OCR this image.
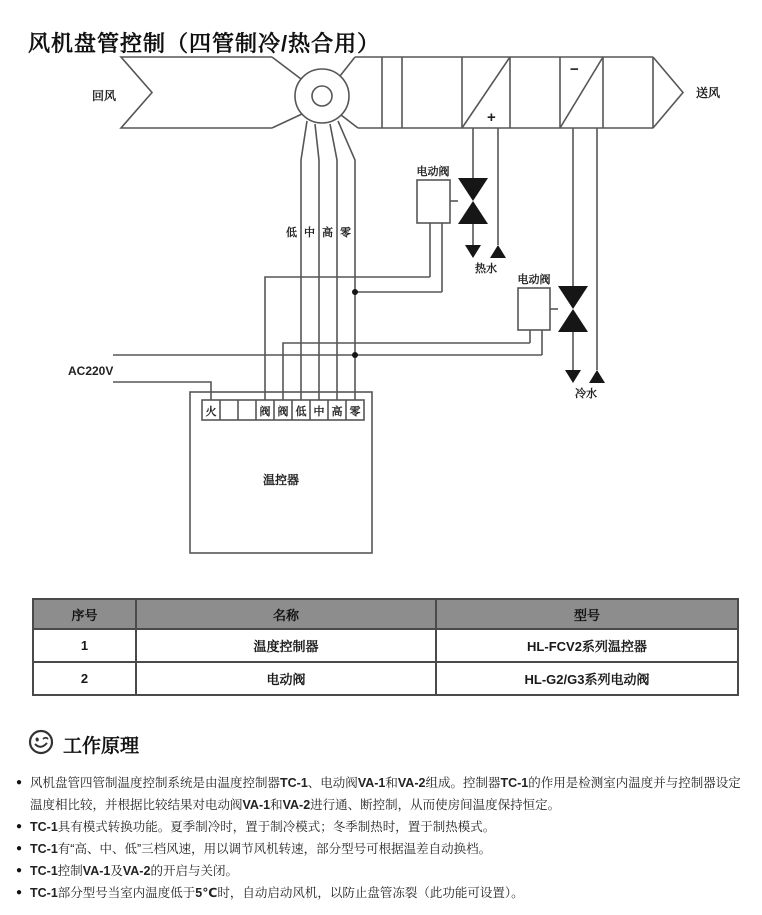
风机盘管控制（四管制冷/热合用）
回风	送风
+
−
电动阀
电动阀
热水
冷水
AC220V
温控器
低 中 高 零
火	阀 阀 低 中 高 零
序号	名称	型号
1	温度控制器	HL-FCV2系列温控器
2	电动阀	HL-G2/G3系列电动阀
工作原理
● 风机盘管四管制温度控制系统是由温度控制器TC-1、电动阀VA-1和VA-2组成。控制器TC-1的作用是检测室内温度并与控制器设定温度相比较，并根据比较结果对电动阀VA-1和VA-2进行通、断控制，从而使房间温度保持恒定。
● TC-1具有模式转换功能。夏季制冷时，置于制冷模式；冬季制热时，置于制热模式。
● TC-1有“高、中、低”三档风速，用以调节风机转速，部分型号可根据温差自动换档。
● TC-1控制VA-1及VA-2的开启与关闭。
● TC-1部分型号当室内温度低于5℃时，自动启动风机，以防止盘管冻裂（此功能可设置）。
